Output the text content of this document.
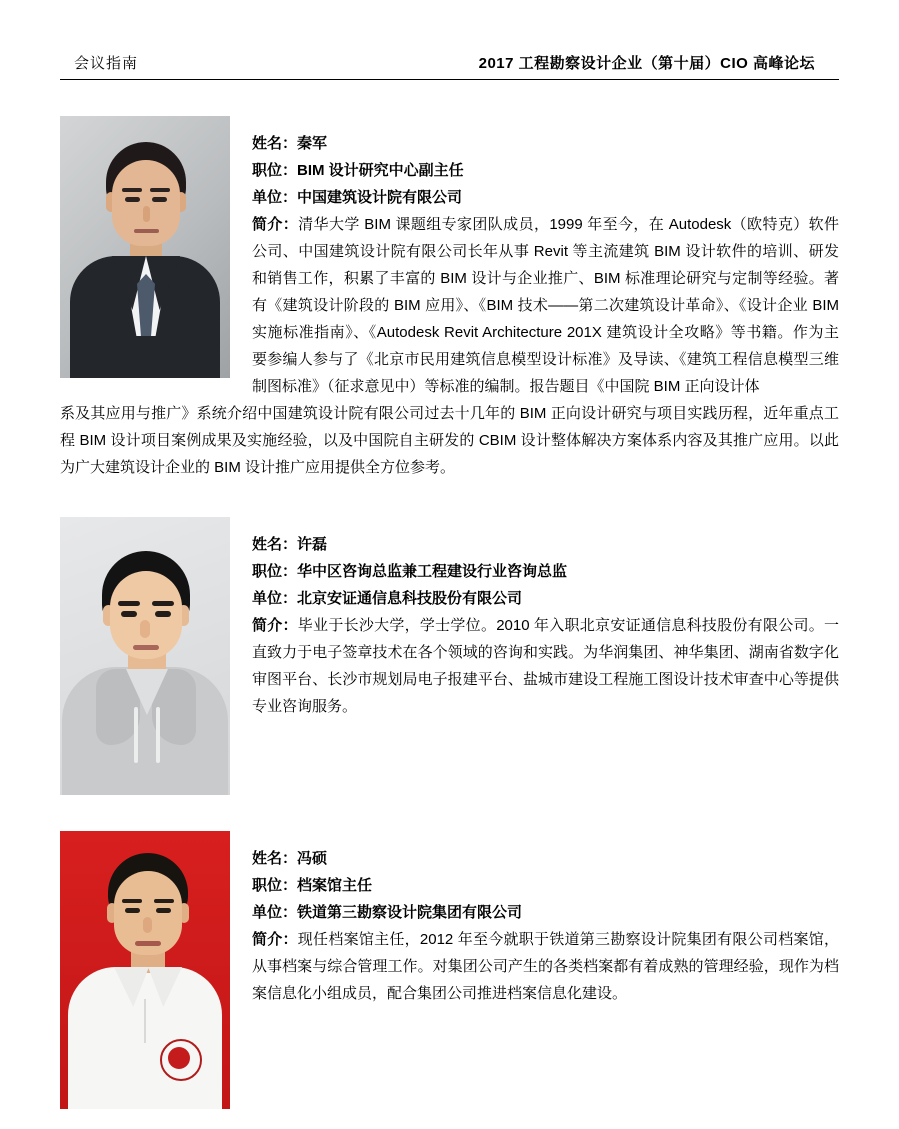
会议指南	2017 工程勘察设计企业（第十届）CIO 高峰论坛
姓名：秦军
职位：BIM 设计研究中心副主任
单位：中国建筑设计院有限公司
简介：清华大学 BIM 课题组专家团队成员，1999 年至今，在 Autodesk（欧特克）软件公司、中国建筑设计院有限公司长年从事 Revit 等主流建筑 BIM 设计软件的培训、研发和销售工作，积累了丰富的 BIM 设计与企业推广、BIM 标准理论研究与定制等经验。著有《建筑设计阶段的 BIM 应用》、《BIM 技术——第二次建筑设计革命》、《设计企业 BIM 实施标准指南》、《Autodesk Revit Architecture 201X 建筑设计全攻略》等书籍。作为主要参编人参与了《北京市民用建筑信息模型设计标准》及导读、《建筑工程信息模型三维制图标准》（征求意见中）等标准的编制。报告题目《中国院 BIM 正向设计体
系及其应用与推广》系统介绍中国建筑设计院有限公司过去十几年的 BIM 正向设计研究与项目实践历程，近年重点工程 BIM 设计项目案例成果及实施经验，以及中国院自主研发的 CBIM 设计整体解决方案体系内容及其推广应用。以此为广大建筑设计企业的 BIM 设计推广应用提供全方位参考。
姓名：许磊
职位：华中区咨询总监兼工程建设行业咨询总监
单位：北京安证通信息科技股份有限公司
简介：毕业于长沙大学，学士学位。2010 年入职北京安证通信息科技股份有限公司。一直致力于电子签章技术在各个领域的咨询和实践。为华润集团、神华集团、湖南省数字化审图平台、长沙市规划局电子报建平台、盐城市建设工程施工图设计技术审查中心等提供专业咨询服务。
姓名：冯硕
职位：档案馆主任
单位：铁道第三勘察设计院集团有限公司
简介：现任档案馆主任，2012 年至今就职于铁道第三勘察设计院集团有限公司档案馆，从事档案与综合管理工作。对集团公司产生的各类档案都有着成熟的管理经验，现作为档案信息化小组成员，配合集团公司推进档案信息化建设。
